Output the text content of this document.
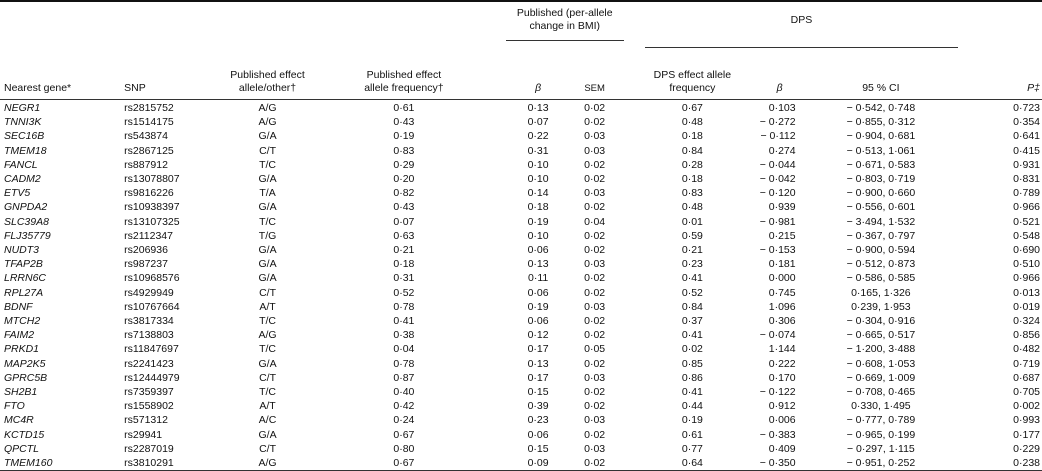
				Published (per-allele change in BMI)		DPS			

Nearest gene*	SNP	Published effect allele/other†	Published effect allele frequency†	β	SEM	DPS effect allele frequency	β	95 % CI	P‡
NEGR1	rs2815752	A/G	0·61	0·13	0·02	0·67	0·103	− 0·542, 0·748	0·723
TNNI3K	rs1514175	A/G	0·43	0·07	0·02	0·48	− 0·272	− 0·855, 0·312	0·354
SEC16B	rs543874	G/A	0·19	0·22	0·03	0·18	− 0·112	− 0·904, 0·681	0·641
TMEM18	rs2867125	C/T	0·83	0·31	0·03	0·84	0·274	− 0·513, 1·061	0·415
FANCL	rs887912	T/C	0·29	0·10	0·02	0·28	− 0·044	− 0·671, 0·583	0·931
CADM2	rs13078807	G/A	0·20	0·10	0·02	0·18	− 0·042	− 0·803, 0·719	0·831
ETV5	rs9816226	T/A	0·82	0·14	0·03	0·83	− 0·120	− 0·900, 0·660	0·789
GNPDA2	rs10938397	G/A	0·43	0·18	0·02	0·48	0·939	− 0·556, 0·601	0·966
SLC39A8	rs13107325	T/C	0·07	0·19	0·04	0·01	− 0·981	− 3·494, 1·532	0·521
FLJ35779	rs2112347	T/G	0·63	0·10	0·02	0·59	0·215	− 0·367, 0·797	0·548
NUDT3	rs206936	G/A	0·21	0·06	0·02	0·21	− 0·153	− 0·900, 0·594	0·690
TFAP2B	rs987237	G/A	0·18	0·13	0·03	0·23	0·181	− 0·512, 0·873	0·510
LRRN6C	rs10968576	G/A	0·31	0·11	0·02	0·41	0·000	− 0·586, 0·585	0·966
RPL27A	rs4929949	C/T	0·52	0·06	0·02	0·52	0·745	0·165, 1·326	0·013
BDNF	rs10767664	A/T	0·78	0·19	0·03	0·84	1·096	0·239, 1·953	0·019
MTCH2	rs3817334	T/C	0·41	0·06	0·02	0·37	0·306	− 0·304, 0·916	0·324
FAIM2	rs7138803	A/G	0·38	0·12	0·02	0·41	− 0·074	− 0·665, 0·517	0·856
PRKD1	rs11847697	T/C	0·04	0·17	0·05	0·02	1·144	− 1·200, 3·488	0·482
MAP2K5	rs2241423	G/A	0·78	0·13	0·02	0·85	0·222	− 0·608, 1·053	0·719
GPRC5B	rs12444979	C/T	0·87	0·17	0·03	0·86	0·170	− 0·669, 1·009	0·687
SH2B1	rs7359397	T/C	0·40	0·15	0·02	0·41	− 0·122	− 0·708, 0·465	0·705
FTO	rs1558902	A/T	0·42	0·39	0·02	0·44	0·912	0·330, 1·495	0·002
MC4R	rs571312	A/C	0·24	0·23	0·03	0·19	0·006	− 0·777, 0·789	0·993
KCTD15	rs29941	G/A	0·67	0·06	0·02	0·61	− 0·383	− 0·965, 0·199	0·177
QPCTL	rs2287019	C/T	0·80	0·15	0·03	0·77	0·409	− 0·297, 1·115	0·229
TMEM160	rs3810291	A/G	0·67	0·09	0·02	0·64	− 0·350	− 0·951, 0·252	0·238
